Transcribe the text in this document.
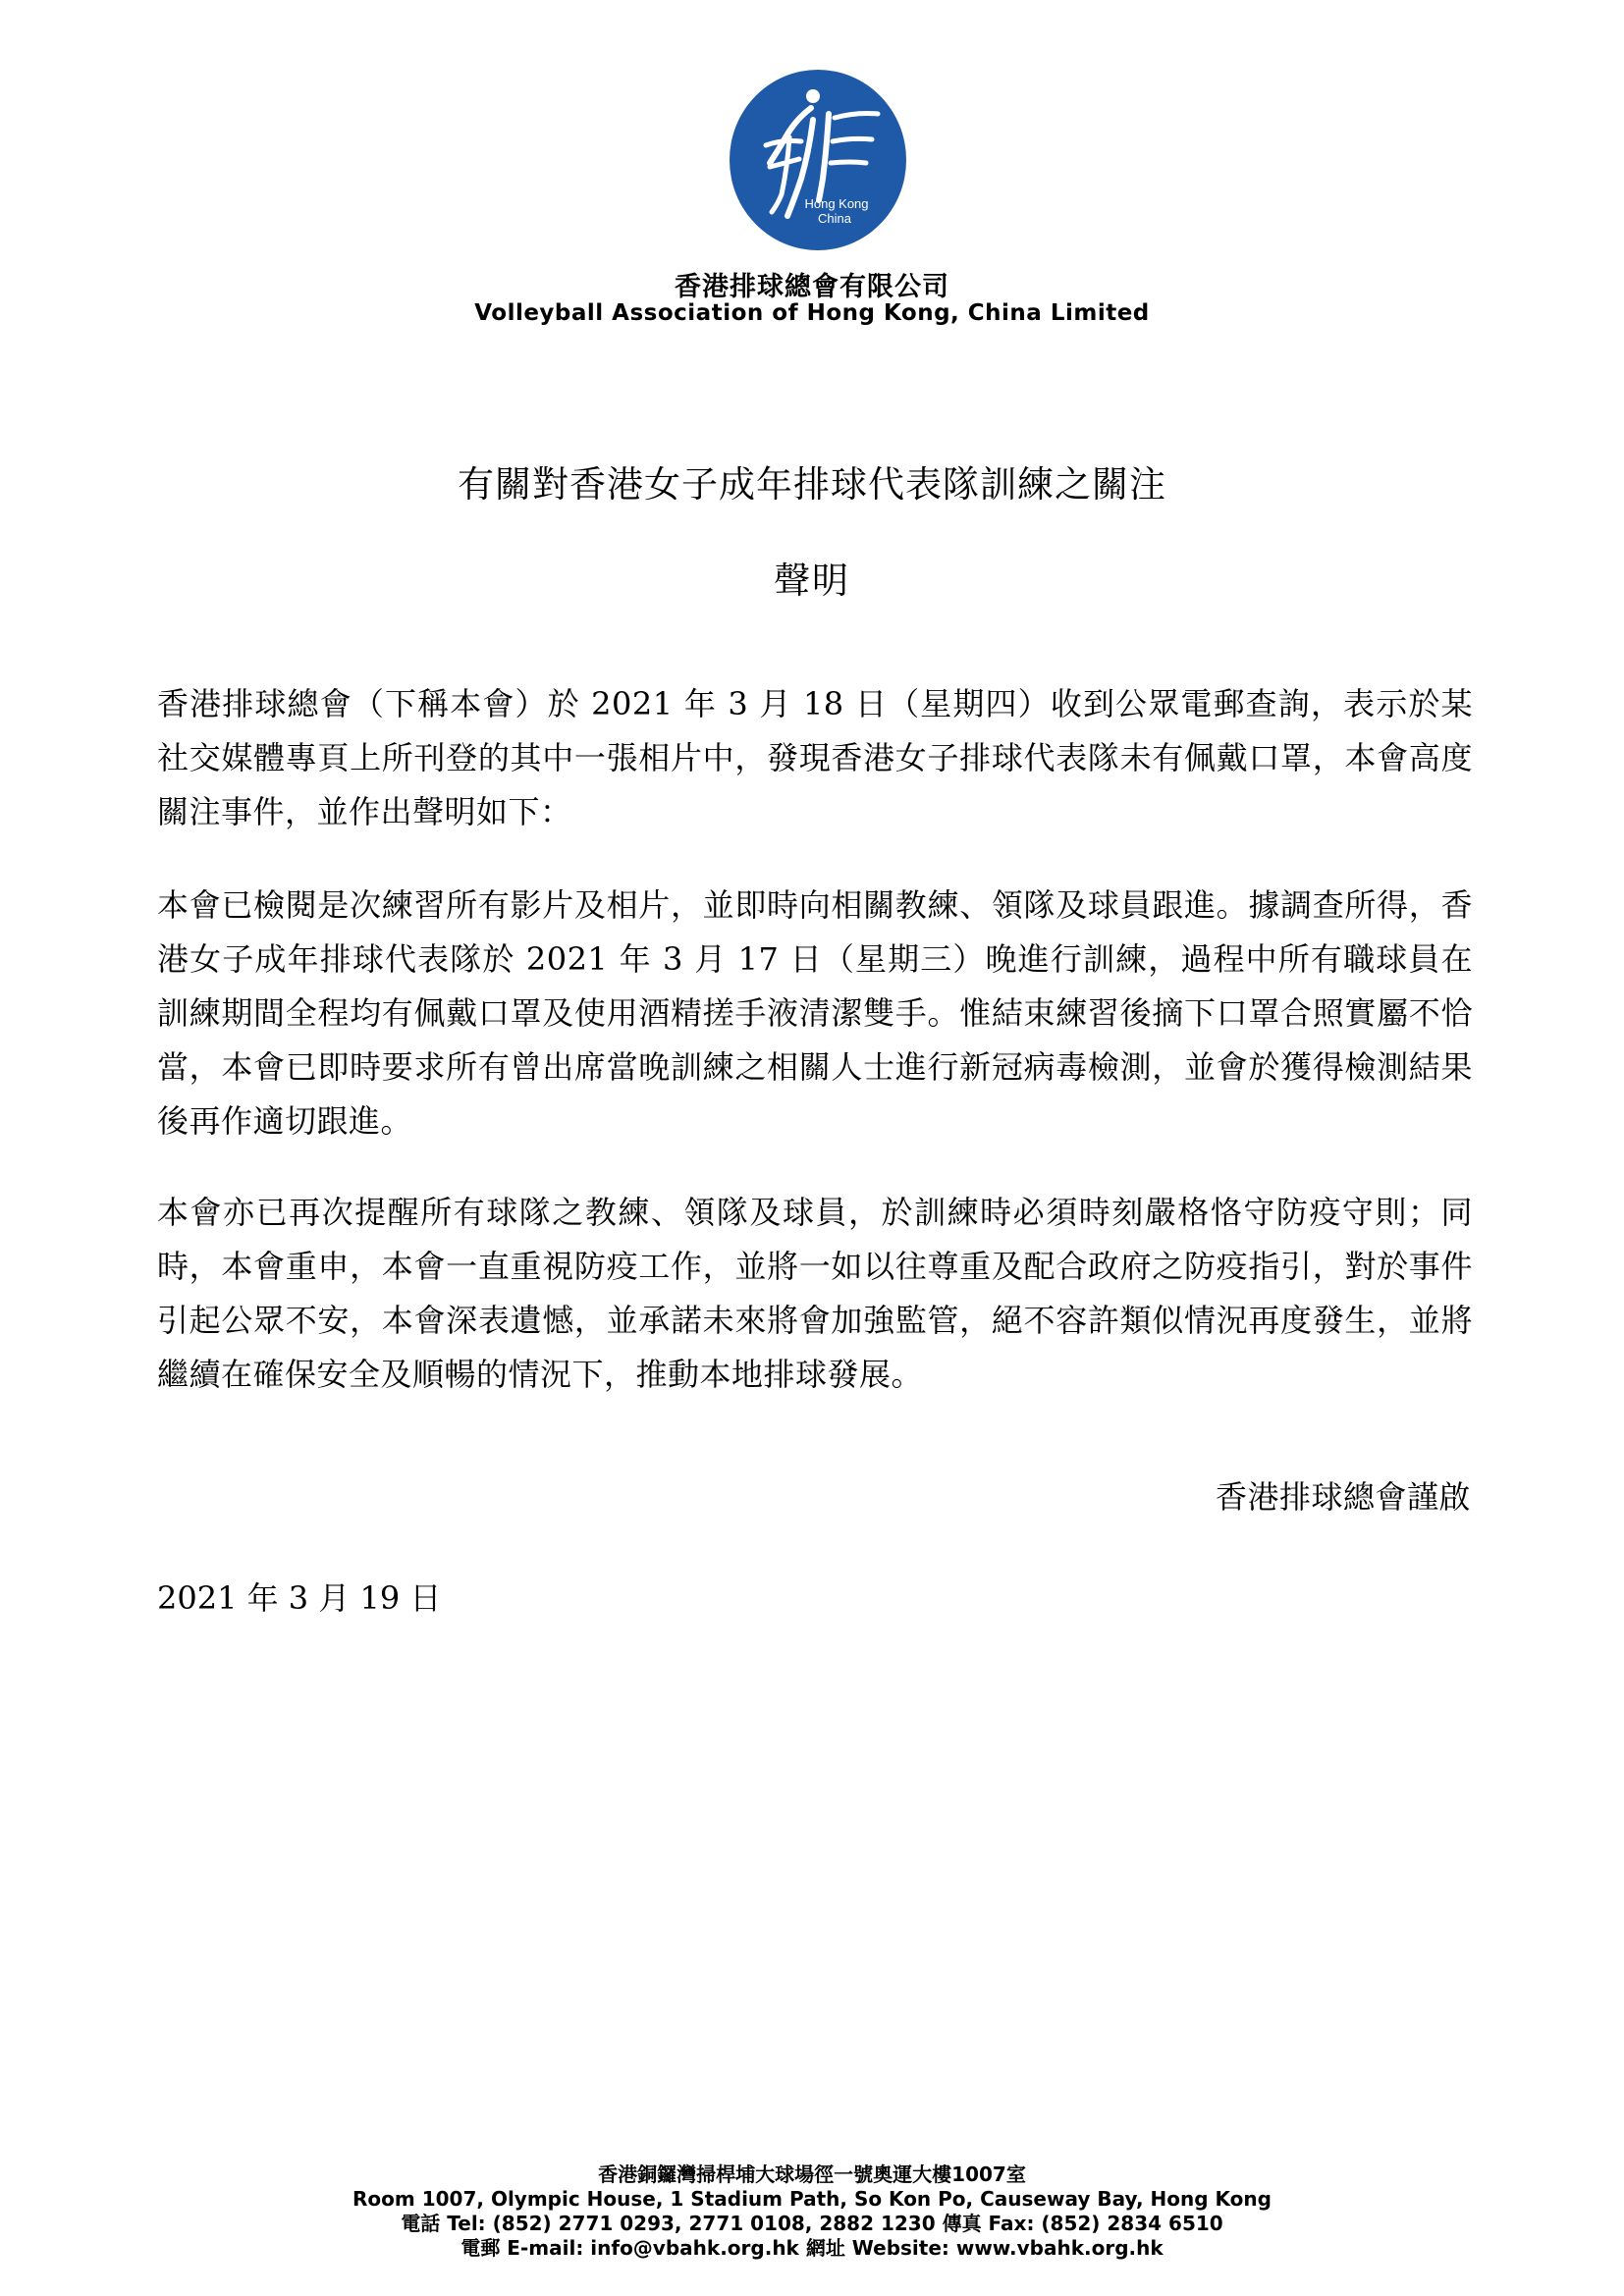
Hong Kong
China
香港排球總會有限公司
Volleyball Association of Hong Kong, China Limited
有關對香港女子成年排球代表隊訓練之關注
聲明
香港排球總會（下稱本會）於 2021 年 3 月 18 日（星期四）收到公眾電郵查詢，表示於某社交媒體專頁上所刊登的其中一張相片中，發現香港女子排球代表隊未有佩戴口罩，本會高度關注事件，並作出聲明如下：
本會已檢閱是次練習所有影片及相片，並即時向相關教練、領隊及球員跟進。據調查所得，香港女子成年排球代表隊於 2021 年 3 月 17 日（星期三）晚進行訓練，過程中所有職球員在訓練期間全程均有佩戴口罩及使用酒精搓手液清潔雙手。惟結束練習後摘下口罩合照實屬不恰當，本會已即時要求所有曾出席當晚訓練之相關人士進行新冠病毒檢測，並會於獲得檢測結果後再作適切跟進。
本會亦已再次提醒所有球隊之教練、領隊及球員，於訓練時必須時刻嚴格恪守防疫守則；同時，本會重申，本會一直重視防疫工作，並將一如以往尊重及配合政府之防疫指引，對於事件引起公眾不安，本會深表遺憾，並承諾未來將會加強監管，絕不容許類似情況再度發生，並將繼續在確保安全及順暢的情況下，推動本地排球發展。
香港排球總會謹啟
2021 年 3 月 19 日
香港銅鑼灣掃桿埔大球場徑一號奧運大樓1007室
Room 1007, Olympic House, 1 Stadium Path, So Kon Po, Causeway Bay, Hong Kong
電話 Tel: (852) 2771 0293, 2771 0108, 2882 1230 傳真 Fax: (852) 2834 6510
電郵 E-mail: info@vbahk.org.hk 網址 Website: www.vbahk.org.hk
